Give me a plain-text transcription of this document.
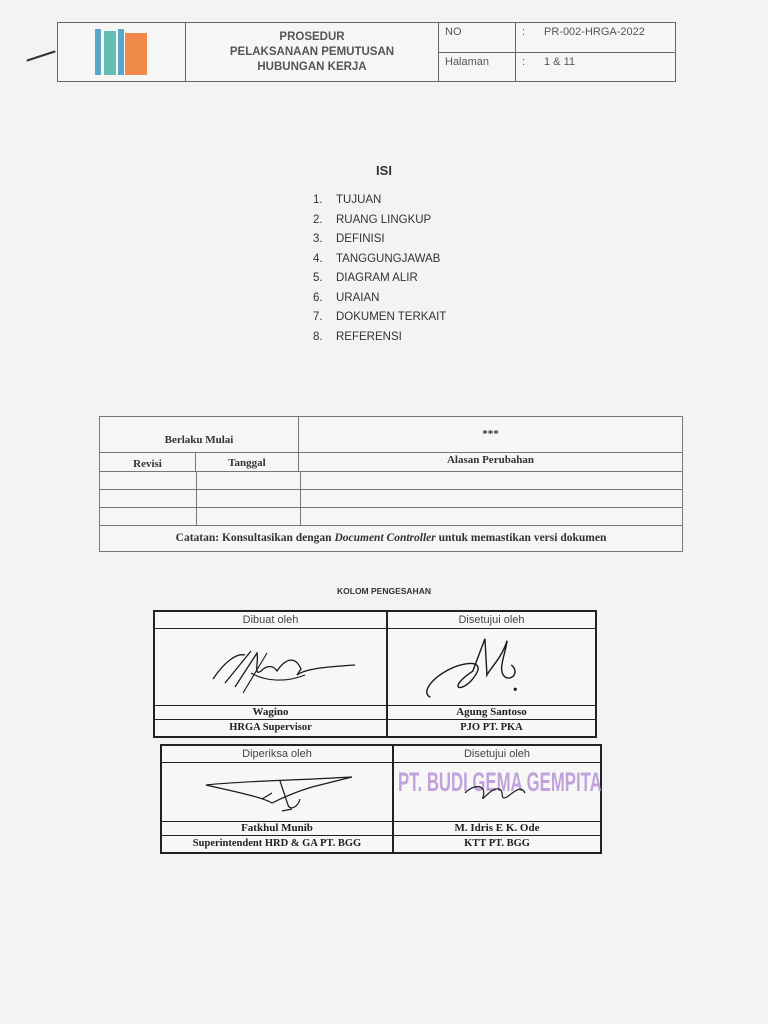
PROSEDUR
PELAKSANAAN PEMUTUSAN
HUBUNGAN KERJA
NO	:	PR-002-HRGA-2022
Halaman	:	1 & 11
ISI
1.	TUJUAN
2.	RUANG LINGKUP
3.	DEFINISI
4.	TANGGUNGJAWAB
5.	DIAGRAM ALIR
6.	URAIAN
7.	DOKUMEN TERKAIT
8.	REFERENSI
Berlaku Mulai	***
Revisi	Tanggal	Alasan Perubahan
Catatan: Konsultasikan dengan Document Controller untuk memastikan versi dokumen
KOLOM PENGESAHAN
Dibuat oleh
Wagino
HRGA Supervisor
Disetujui oleh
Agung Santoso
PJO PT. PKA
Diperiksa oleh
Fatkhul Munib
Superintendent HRD & GA PT. BGG
Disetujui oleh
PT. BUDI GEMA GEMPITA
M. Idris E K. Ode
KTT PT. BGG
